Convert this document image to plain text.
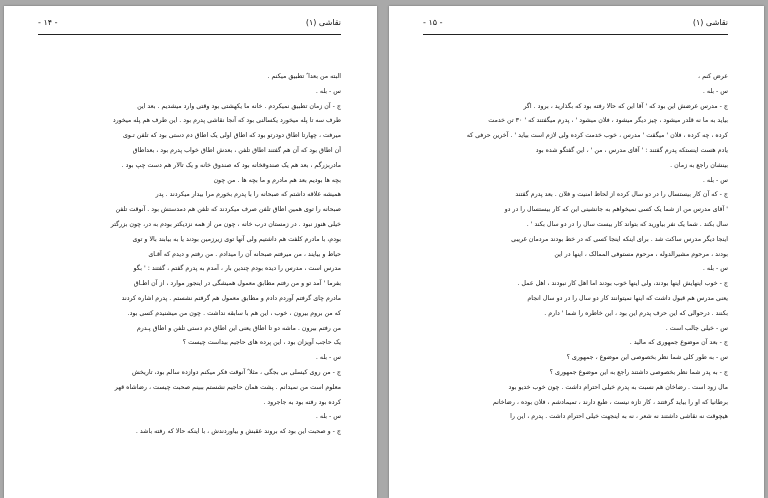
نقاشی (۱)
- ۱۴ -
البته من بعدا ً تطبیق میکنم .
س - بله .
ج - آن زمان تطبیق نمیکردم . خانه ما یکهشتی بود وقتی وارد میشدیم . بعد این
طرف سه تا پله میخورد یکسالنی بود که آنجا نقاشی پدرم بود . این طرف هم پله میخورد
میرفت ، چهارتا اطاق دودرتو بود که اطاق اولی یک اطاق دم دستی بود که تلفن تـوی
آن اطاق بود که آن هم گفتند اطاق تلفن ، بعدش اطاق خواب پدرم بود ، بعداطاق
مادربزرگم ، بعد هم یک صندوقخانه بود که صندوق خانه و یک تالار هم دست چپ بود .
بچه ها بودیم بعد هم مادرم و ما بچه ها . من چون
همیشه علاقه داشتم که صبحانه را با پدرم بخورم مرا بیدار میکردند . پدر
صبحانه را توی همین اطاق تلفن صرف میکردند که تلفن هم دمدستش بود . آنوقت تلفن
خیلی هنوز نبود . در زمستان درب خانه ، چون من از همه نزدیکتر بودم به در، چون بزرگتر
بودم، با مادرم کلفت هم داشتیم ولی آنها توی زیرزمین بودند یا به بیابند بالا و توی
حیاط و بیایند ، من میرفتم صبحانه آن را میدادم . من رفتم و دیدم که آقـای
مدرس است ، مدرس را دیده بودم چندین بار ، آمدم به پدرم گفتم ، گفتند : ' بگو
بفرما ' آمد تو و من رفتم مطابق معمول همیشگی در اینجور موارد ، از آن اطـاق
مادرم چای گرفتم آوردم دادم و مطابق معمول هم گرفتم نشستم . پدرم اشاره کردند
که من بروم بیرون ، خوب ، این هم با سابقه نداشت . چون من میشنیدم کسی بود.
من رفتم بیرون . ماشه دو تا اطاق یعنی این اطاق دم دستی تلفن و اطاق پـدرم
یک حاجب آویزان بود ، این پرده های حاجیم بیداست چیست ؟
س - بله .
ج - من روی کیسلی بی بجگی ، مثلا ً آنوقت فکر میکنم دوازده سالم بود، تاریخش
معلوم است من نمیدانم . پشت همان حاجیم نشستم ببینم صحبت چیست ، رضاشاه قهر
کرده بود رفته بود به جاجرود .
س - بله .
ج - و صحبت این بود که بروند عقبش و بیاوردندش ، با اینکه حالا که رفته باشد .
نقاشی (۱)
- ۱۵ -
عرض کنم ،
س - بله .
ج - مدرس عرضش این بود که ' آقا این که حالا رفته بود که بگذارید ، برود . اگر
بیاید به ما نه قلدر میشود ، چیز دیگر میشود ، فلان میشود ' ، پدرم میگفتند که ' ۳۰ تن خدمت
کرده ، چه کرده ، فلان ' میگفت ' مدرس ، خوب خدمت کرده ولی لازم است بیاید ' . آخرین حرفی که
یادم هست اینستکه پدرم گفتند : ' آقای مدرس ، من ' ، این گفتگو شده بود
بینشان راجع به زمان .
س - بله .
ج - که آن کار بیستسال را در دو سال کرده از لحاظ امنیت و فلان . بعد پدرم گفتند
' آقای مدرس من از شما یک کسی نمیخواهم به جانشینی این که کار بیستسال را در دو
سال بکند . شما یک نفر بیاورید که بتواند کار بیست سال را در دو سال بکند ' .
اینجا دیگر مدرس ساکت شد . برای اینکه اینجا کسی که در خط بودند مردمان غریبی
بودند ، مرحوم مشیرالدوله ، مرحوم مستوفی الممالک ، اینها در این
س - بله .
ج - خوب اینهایش اینها بودند، ولی اینها خوب بودند اما اهل کار نبودند ، اهل عمل .
یعنی مدرس هم قبول داشت که اینها نمیتوانند کار دو سال را در دو سال انجام
بکنند . درحوالی که این حرف پدرم این بود ، این خاطره را شما ' دارم .
س - خیلی جالب است .
ج - بعد آن موضوع جمهوری که مالید .
س - به طور کلی شما نظر بخصوصی این موضوع ، جمهوری ؟
ج - به پدر شما نظر بخصوصی داشتند راجع به این موضوع جمهوری ؟
مال زود است . رضاخان هم نسبت به پدرم خیلی احترام داشت . چون خوب خدیو بود
برطانیا که او را بیاید گرفتند ، کار تازه نیست ، طبع دارند ، تمیمادشم ، فلان بوده ، رضاخانم
هیچوقت نه نقاشی داشتند نه شعر ، نه به اینجهت خیلی احترام داشت . پدرم ، این را
